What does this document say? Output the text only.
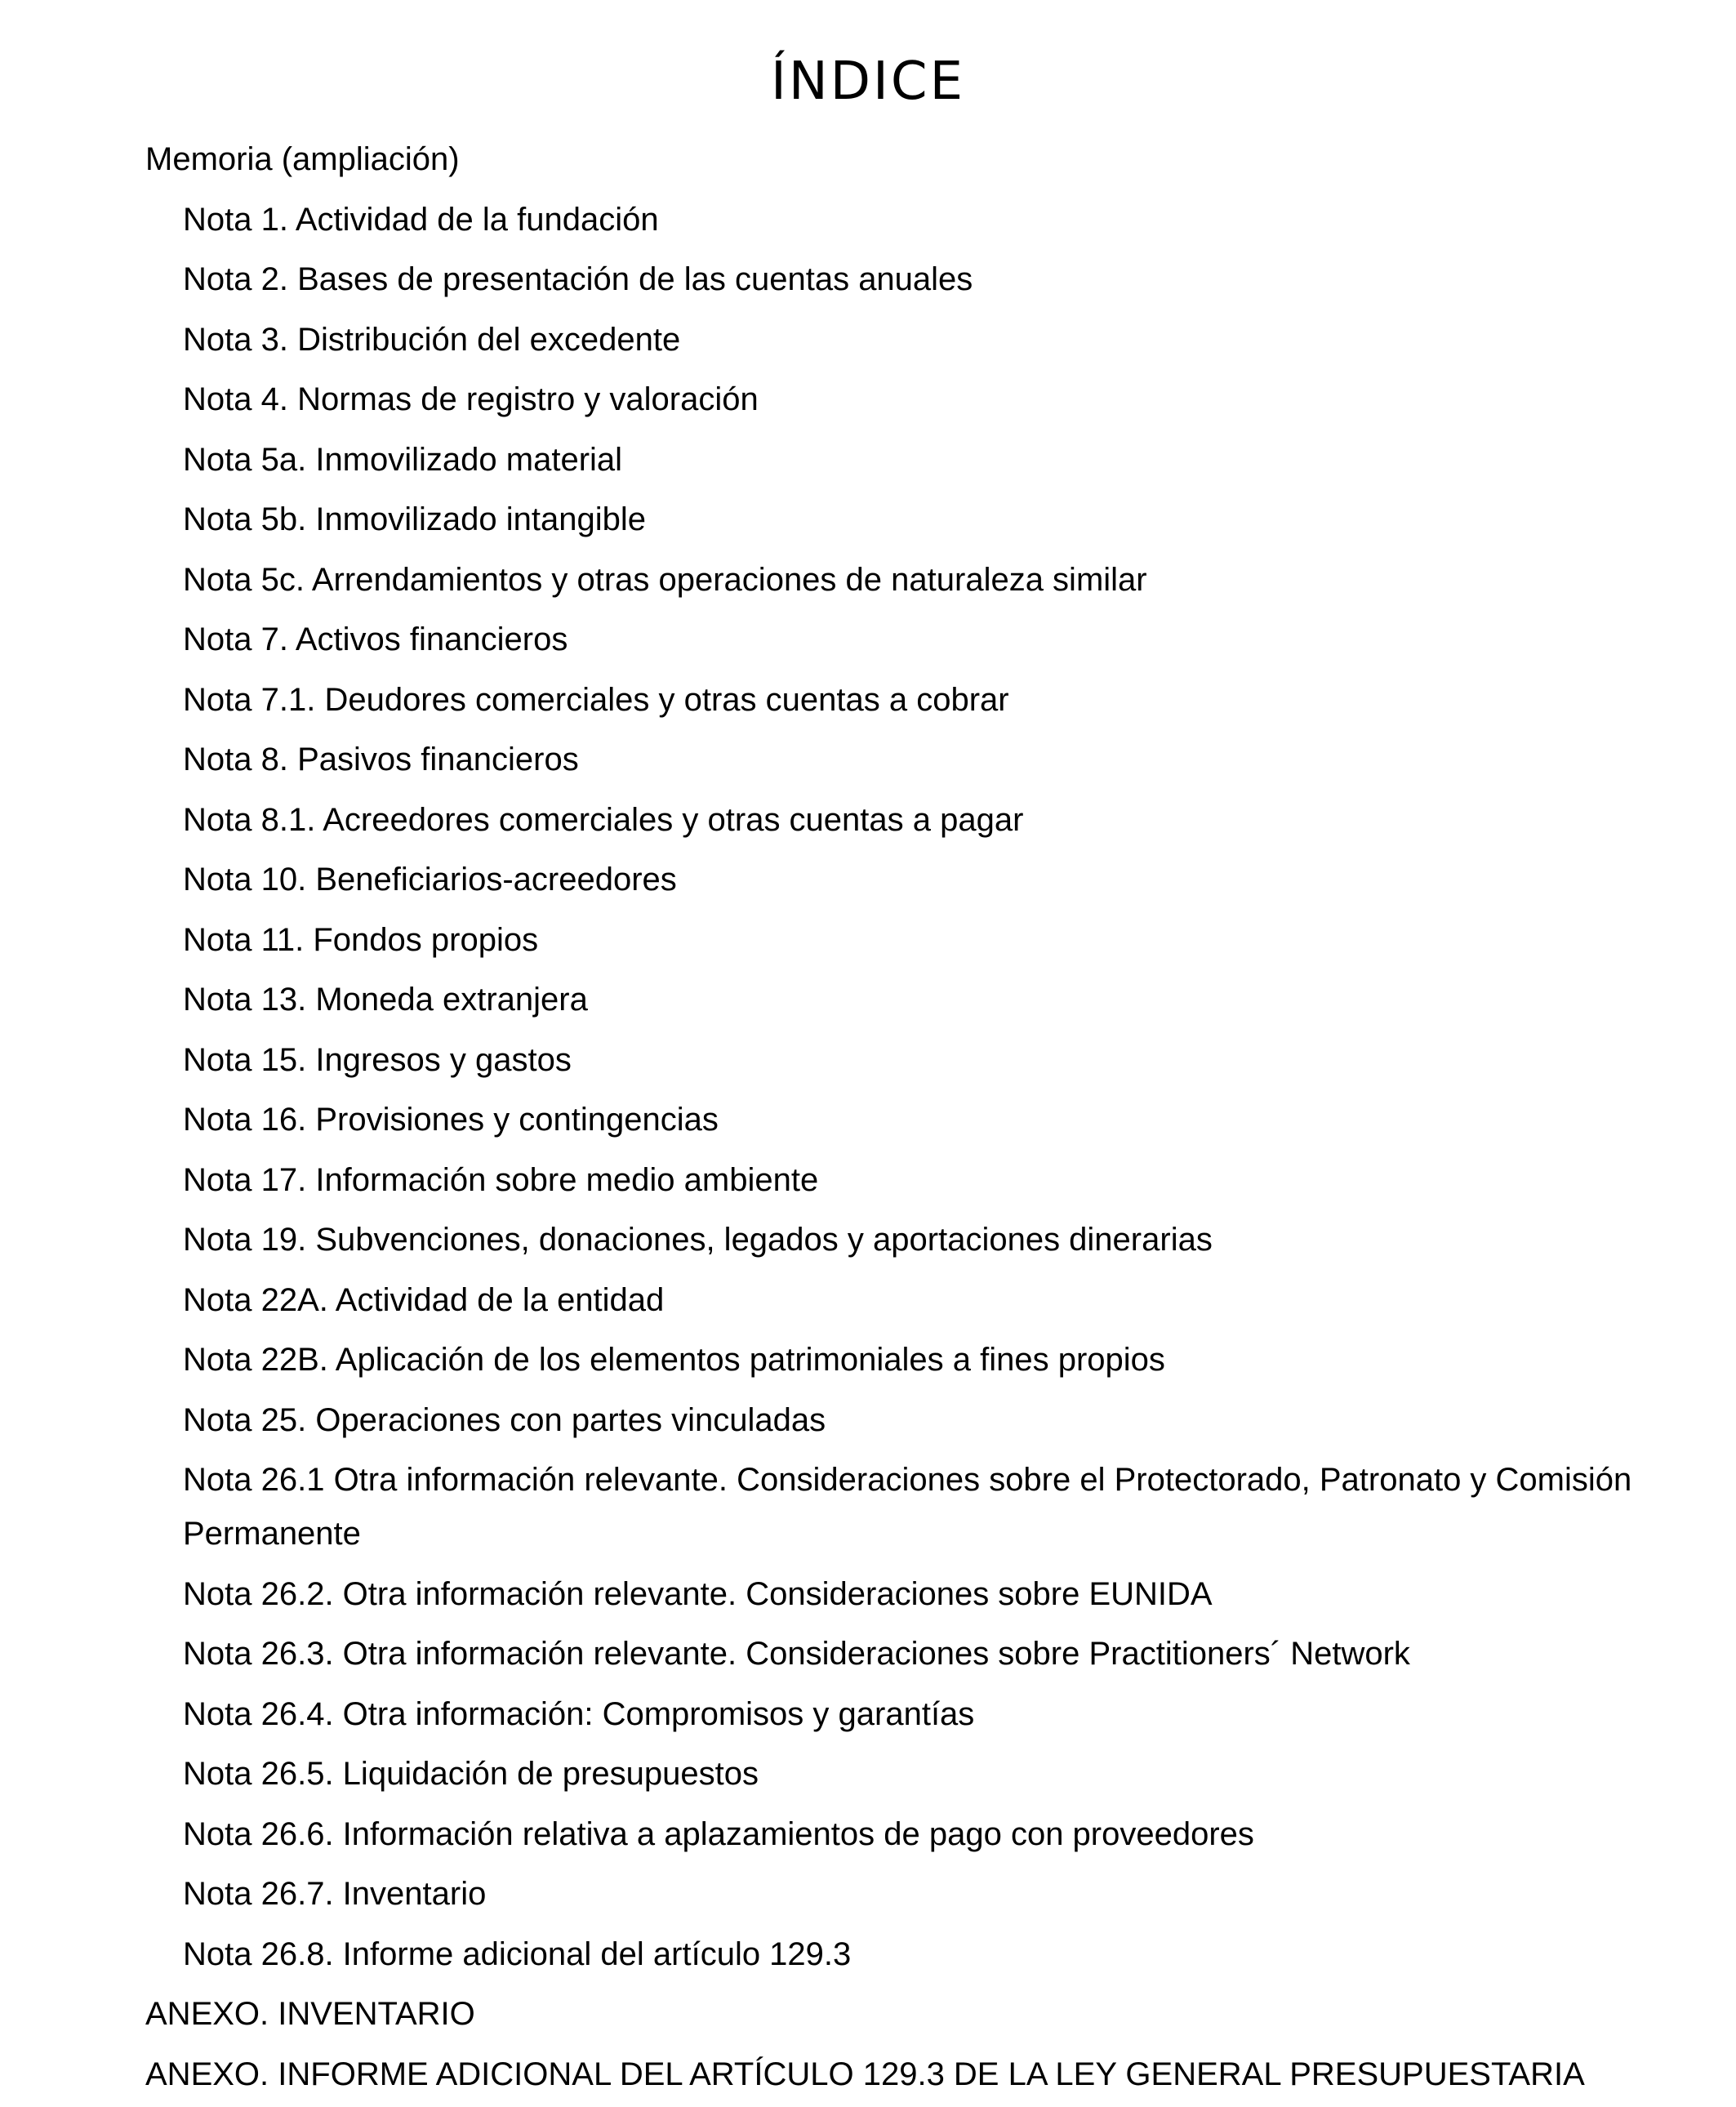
ÍNDICE
Memoria (ampliación)
Nota 1. Actividad de la fundación
Nota 2. Bases de presentación de las cuentas anuales
Nota 3. Distribución del excedente
Nota 4. Normas de registro y valoración
Nota 5a. Inmovilizado material
Nota 5b. Inmovilizado intangible
Nota 5c. Arrendamientos y otras operaciones de naturaleza similar
Nota 7. Activos financieros
Nota 7.1. Deudores comerciales y otras cuentas a cobrar
Nota 8. Pasivos financieros
Nota 8.1. Acreedores comerciales y otras cuentas a pagar
Nota 10. Beneficiarios-acreedores
Nota 11. Fondos propios
Nota 13. Moneda extranjera
Nota 15. Ingresos y gastos
Nota 16. Provisiones y contingencias
Nota 17. Información sobre medio ambiente
Nota 19. Subvenciones, donaciones, legados y aportaciones dinerarias
Nota 22A. Actividad de la entidad
Nota 22B. Aplicación de los elementos patrimoniales a fines propios
Nota 25. Operaciones con partes vinculadas
Nota 26.1 Otra información relevante. Consideraciones sobre el Protectorado, Patronato y Comisión Permanente
Nota 26.2. Otra información relevante. Consideraciones sobre EUNIDA
Nota 26.3. Otra información relevante. Consideraciones sobre Practitioners´ Network
Nota 26.4. Otra información: Compromisos y garantías
Nota 26.5. Liquidación de presupuestos
Nota 26.6. Información relativa a aplazamientos de pago con proveedores
Nota 26.7. Inventario
Nota 26.8. Informe adicional del artículo 129.3
ANEXO. INVENTARIO
ANEXO. INFORME ADICIONAL DEL ARTÍCULO 129.3 DE LA LEY GENERAL PRESUPUESTARIA
